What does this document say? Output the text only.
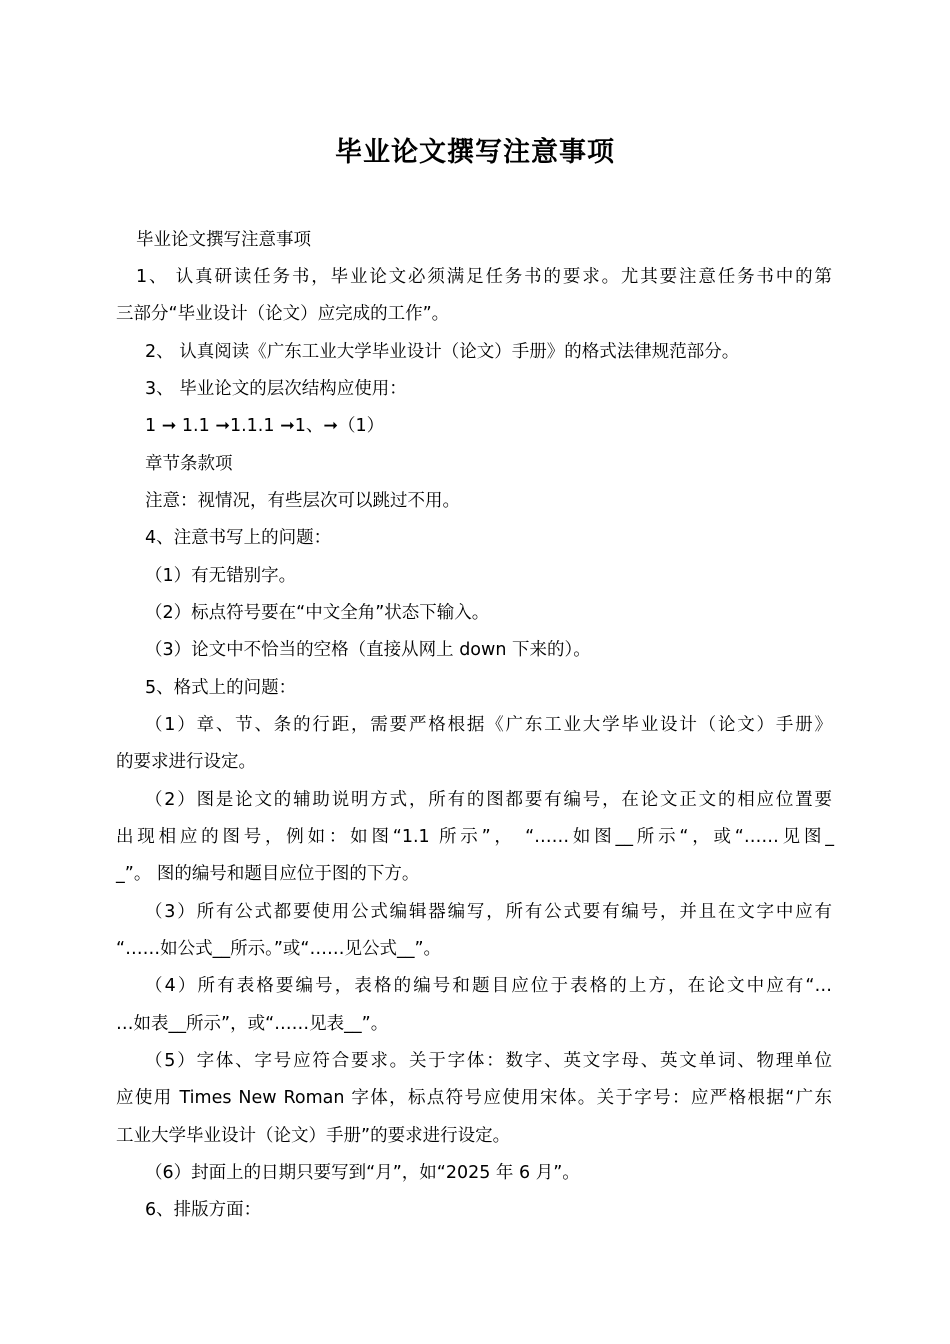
毕业论文撰写注意事项
毕业论文撰写注意事项
1、 认真研读任务书，毕业论文必须满足任务书的要求。尤其要注意任务书中的第
三部分“毕业设计（论文）应完成的工作”。
2、 认真阅读《广东工业大学毕业设计（论文）手册》的格式法律规范部分。
3、 毕业论文的层次结构应使用：
1 ➞ 1.1 ➞1.1.1 ➞1、➞（1）
章节条款项
注意：视情况，有些层次可以跳过不用。
4、注意书写上的问题：
（1）有无错别字。
（2）标点符号要在“中文全角”状态下输入。
（3）论文中不恰当的空格（直接从网上 down 下来的）。
5、格式上的问题：
（1）章、节、条的行距，需要严格根据《广东工业大学毕业设计（论文）手册》
的要求进行设定。
（2）图是论文的辅助说明方式，所有的图都要有编号，在论文正文的相应位置要
出现相应的图号，例如：如图“1.1 所示”， “……如图__所示“，或“……见图_
_”。 图的编号和题目应位于图的下方。
（3）所有公式都要使用公式编辑器编写，所有公式要有编号，并且在文字中应有
“……如公式__所示。”或“……见公式__”。
（4）所有表格要编号，表格的编号和题目应位于表格的上方，在论文中应有“…
…如表__所示”，或“……见表__”。
（5）字体、字号应符合要求。关于字体：数字、英文字母、英文单词、物理单位
应使用 Times New Roman 字体，标点符号应使用宋体。关于字号：应严格根据“广东
工业大学毕业设计（论文）手册”的要求进行设定。
（6）封面上的日期只要写到“月”，如“2025 年 6 月”。
6、排版方面：
